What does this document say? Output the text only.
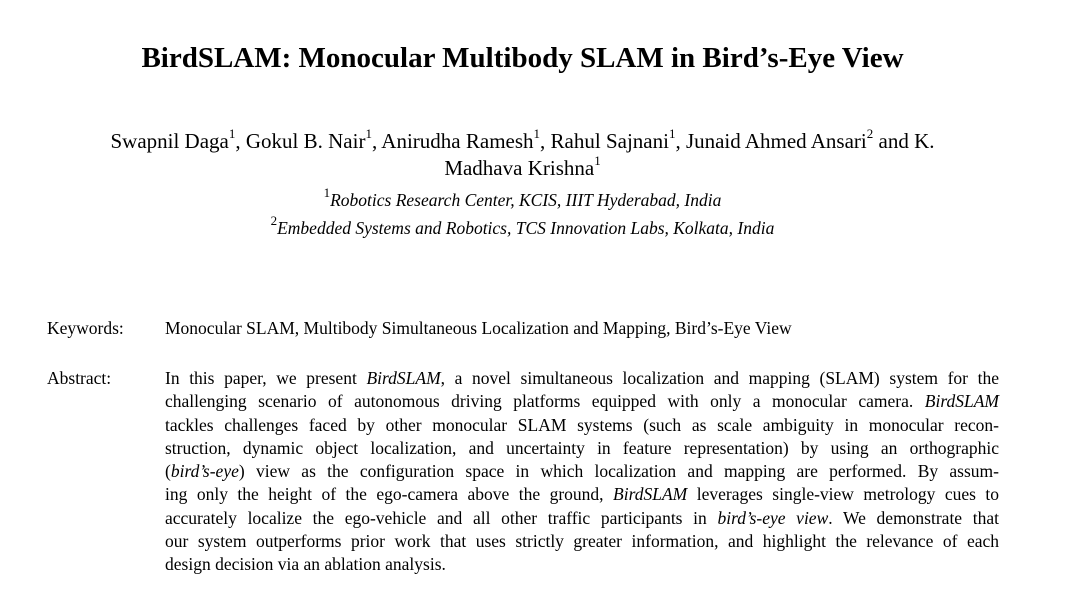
BirdSLAM: Monocular Multibody SLAM in Bird’s-Eye View
Swapnil Daga$^1$, Gokul B. Nair$^1$, Anirudha Ramesh$^1$, Rahul Sajnani$^1$, Junaid Ahmed Ansari$^2$ and K.
Madhava Krishna$^1$
$^1$Robotics Research Center, KCIS, IIIT Hyderabad, India
$^2$Embedded Systems and Robotics, TCS Innovation Labs, Kolkata, India
Keywords: Monocular SLAM, Multibody Simultaneous Localization and Mapping, Bird’s-Eye View
Abstract:	In this paper, we present BirdSLAM, a novel simultaneous localization and mapping (SLAM) system for the
challenging scenario of autonomous driving platforms equipped with only a monocular camera. BirdSLAM
tackles challenges faced by other monocular SLAM systems (such as scale ambiguity in monocular recon-
struction, dynamic object localization, and uncertainty in feature representation) by using an orthographic
(bird’s-eye) view as the configuration space in which localization and mapping are performed. By assum-
ing only the height of the ego-camera above the ground, BirdSLAM leverages single-view metrology cues to
accurately localize the ego-vehicle and all other traffic participants in bird’s-eye view. We demonstrate that
our system outperforms prior work that uses strictly greater information, and highlight the relevance of each
design decision via an ablation analysis.
